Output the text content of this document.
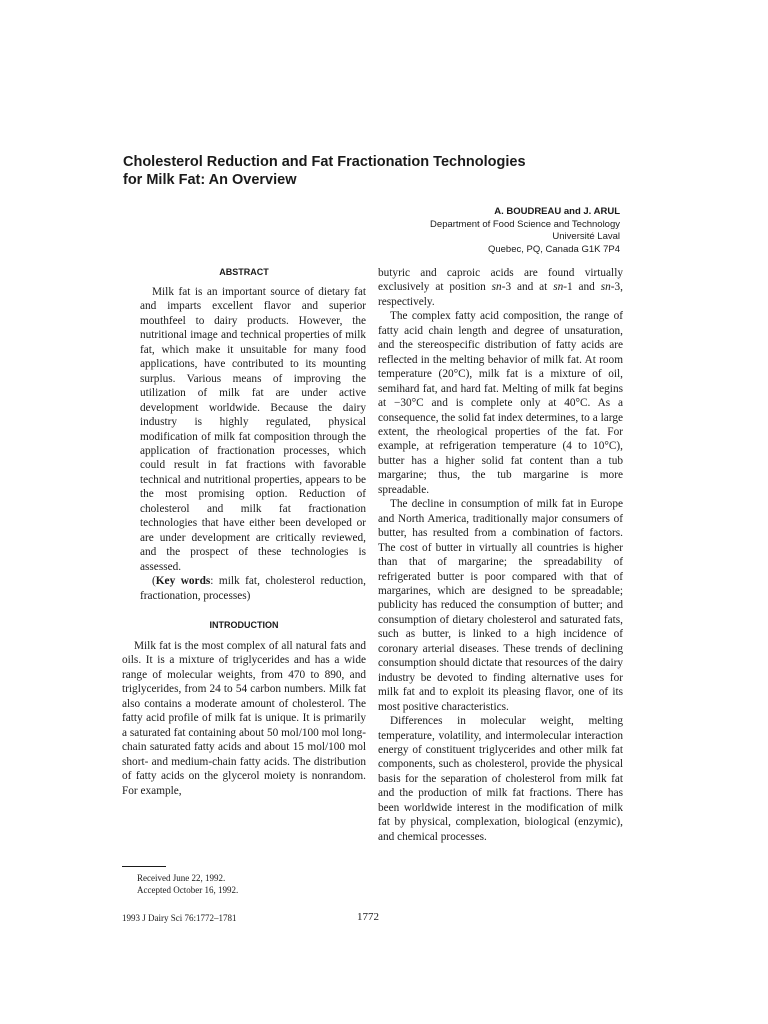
Cholesterol Reduction and Fat Fractionation Technologies
for Milk Fat: An Overview
A. BOUDREAU and J. ARUL
Department of Food Science and Technology
Université Laval
Quebec, PQ, Canada G1K 7P4
ABSTRACT

Milk fat is an important source of dietary fat and imparts excellent flavor and superior mouthfeel to dairy products. However, the nutritional image and technical properties of milk fat, which make it unsuitable for many food applications, have contributed to its mounting surplus. Various means of improving the utilization of milk fat are under active development worldwide. Because the dairy industry is highly regulated, physical modification of milk fat composition through the application of fractionation processes, which could result in fat fractions with favorable technical and nutritional properties, appears to be the most promising option. Reduction of cholesterol and milk fat fractionation technologies that have either been developed or are under development are critically reviewed, and the prospect of these technologies is assessed.

(Key words: milk fat, cholesterol reduction, fractionation, processes)

INTRODUCTION

Milk fat is the most complex of all natural fats and oils. It is a mixture of triglycerides and has a wide range of molecular weights, from 470 to 890, and triglycerides, from 24 to 54 carbon numbers. Milk fat also contains a moderate amount of cholesterol. The fatty acid profile of milk fat is unique. It is primarily a saturated fat containing about 50 mol/100 mol long-chain saturated fatty acids and about 15 mol/100 mol short- and medium-chain fatty acids. The distribution of fatty acids on the glycerol moiety is nonrandom. For example,

butyric and caproic acids are found virtually exclusively at position sn-3 and at sn-1 and sn-3, respectively.

The complex fatty acid composition, the range of fatty acid chain length and degree of unsaturation, and the stereospecific distribution of fatty acids are reflected in the melting behavior of milk fat. At room temperature (20°C), milk fat is a mixture of oil, semihard fat, and hard fat. Melting of milk fat begins at −30°C and is complete only at 40°C. As a consequence, the solid fat index determines, to a large extent, the rheological properties of the fat. For example, at refrigeration temperature (4 to 10°C), butter has a higher solid fat content than a tub margarine; thus, the tub margarine is more spreadable.

The decline in consumption of milk fat in Europe and North America, traditionally major consumers of butter, has resulted from a combination of factors. The cost of butter in virtually all countries is higher than that of margarine; the spreadability of refrigerated butter is poor compared with that of margarines, which are designed to be spreadable; publicity has reduced the consumption of butter; and consumption of dietary cholesterol and saturated fats, such as butter, is linked to a high incidence of coronary arterial diseases. These trends of declining consumption should dictate that resources of the dairy industry be devoted to finding alternative uses for milk fat and to exploit its pleasing flavor, one of its most positive characteristics.

Differences in molecular weight, melting temperature, volatility, and intermolecular interaction energy of constituent triglycerides and other milk fat components, such as cholesterol, provide the physical basis for the separation of cholesterol from milk fat and the production of milk fat fractions. There has been worldwide interest in the modification of milk fat by physical, complexation, biological (enzymic), and chemical processes.

Received June 22, 1992.
Accepted October 16, 1992.
1993 J Dairy Sci 76:1772–1781	1772
